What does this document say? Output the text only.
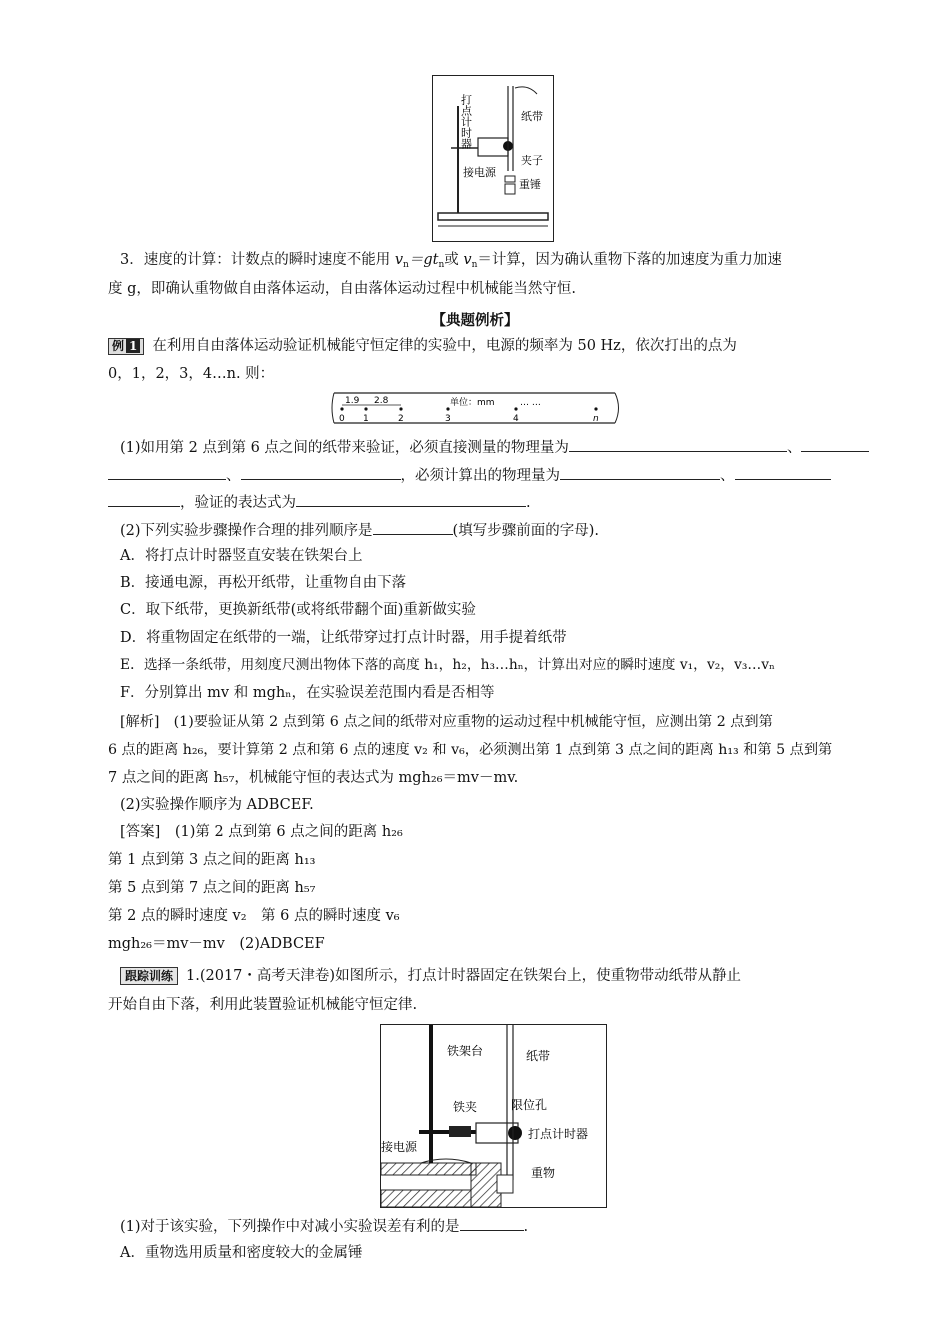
打点计时器	纸带
夹子
接电源
重锤
3．速度的计算：计数点的瞬时速度不能用 $v_n=gt_n$或 $v_n=$计算，因为确认重物下落的加速度为重力加速
度 g，即确认重物做自由落体运动，自由落体运动过程中机械能当然守恒.
【典题例析】
例 1 在利用自由落体运动验证机械能守恒定律的实验中，电源的频率为 50 Hz，依次打出的点为
0，1，2，3，4…n. 则：
1.9 2.8	单位：mm	… …
0 1	2	3	4	n
(1)如用第 2 点到第 6 点之间的纸带来验证，必须直接测量的物理量为	、
、	，必须计算出的物理量为	、
，验证的表达式为	.
(2)下列实验步骤操作合理的排列顺序是	(填写步骤前面的字母).
A．将打点计时器竖直安装在铁架台上
B．接通电源，再松开纸带，让重物自由下落
C．取下纸带，更换新纸带(或将纸带翻个面)重新做实验
D．将重物固定在纸带的一端，让纸带穿过打点计时器，用手提着纸带
E．选择一条纸带，用刻度尺测出物体下落的高度 h₁，h₂，h₃…hₙ，计算出对应的瞬时速度 v₁，v₂，v₃…vₙ
F．分别算出 mv 和 mghₙ，在实验误差范围内看是否相等
[解析]　(1)要验证从第 2 点到第 6 点之间的纸带对应重物的运动过程中机械能守恒，应测出第 2 点到第
6 点的距离 h₂₆，要计算第 2 点和第 6 点的速度 v₂ 和 v₆，必须测出第 1 点到第 3 点之间的距离 h₁₃ 和第 5 点到第
7 点之间的距离 h₅₇，机械能守恒的表达式为 mgh₂₆＝mv－mv.
(2)实验操作顺序为 ADBCEF.
[答案]　(1)第 2 点到第 6 点之间的距离 h₂₆
第 1 点到第 3 点之间的距离 h₁₃
第 5 点到第 7 点之间的距离 h₅₇
第 2 点的瞬时速度 v₂　第 6 点的瞬时速度 v₆
mgh₂₆＝mv－mv　(2)ADBCEF
跟踪训练 1.(2017・高考天津卷)如图所示，打点计时器固定在铁架台上，使重物带动纸带从静止
开始自由下落，利用此装置验证机械能守恒定律.
铁架台	纸带
铁夹	限位孔
打点计时器
接电源
重物
(1)对于该实验，下列操作中对减小实验误差有利的是	.
A．重物选用质量和密度较大的金属锤
